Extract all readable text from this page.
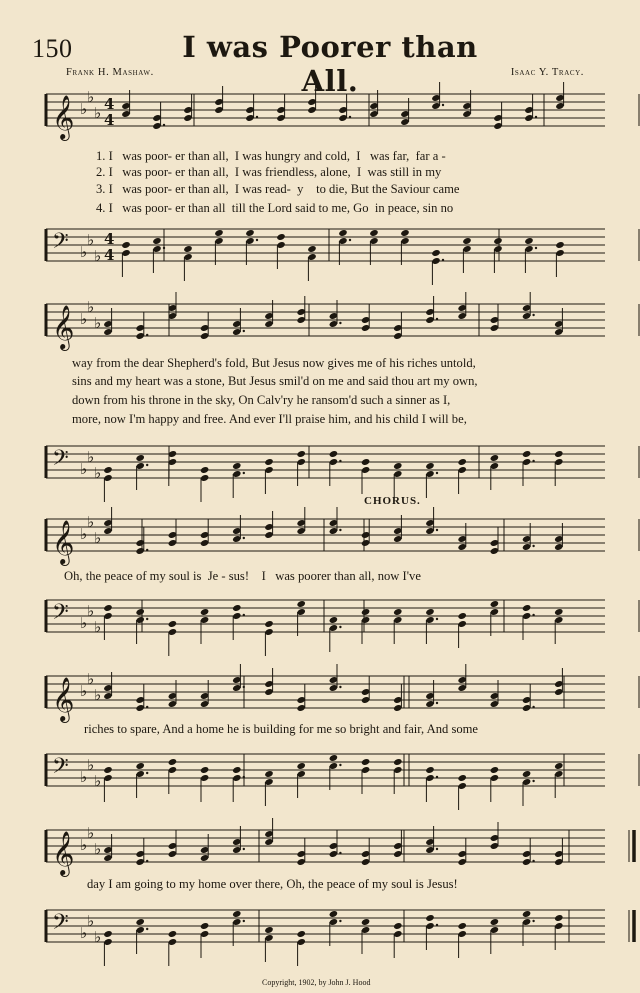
150	I was Poorer than All.
Frank H. Mashaw.	Isaac Y. Tracy.
𝄞 ♭
♭
♭ 4
4
𝄢 ♭
♭
♭
4
4
1. I   was poor- er than all,  I was hungry and cold,  I   was far,  far a -
2. I   was poor- er than all,  I was friendless, alone,  I  was still in my
3. I   was poor- er than all,  I was read-  y    to die, But the Saviour came
4. I   was poor- er than all  till the Lord said to me, Go  in peace, sin no
𝄞 ♭
♭
♭
𝄢 ♭
♭
♭
way from the dear Shepherd's fold, But Jesus now gives me of his riches untold,
sins and my heart was a stone, But Jesus smil'd on me and said thou art my own,
down from his throne in the sky, On Calv'ry he ransom'd such a sinner as I,
more, now I'm happy and free. And ever I'll praise him, and his child I will be,
CHORUS.
𝄞 ♭
♭
♭
𝄢 ♭
♭
♭
Oh, the peace of my soul is  Je - sus!    I   was poorer than all, now I've
𝄞 ♭
♭
♭
𝄢 ♭
♭
♭
riches to spare, And a home he is building for me so bright and fair, And some
𝄞 ♭
♭
♭
𝄢 ♭
♭
♭
day I am going to my home over there, Oh, the peace of my soul is Jesus!
Copyright, 1902, by John J. Hood
